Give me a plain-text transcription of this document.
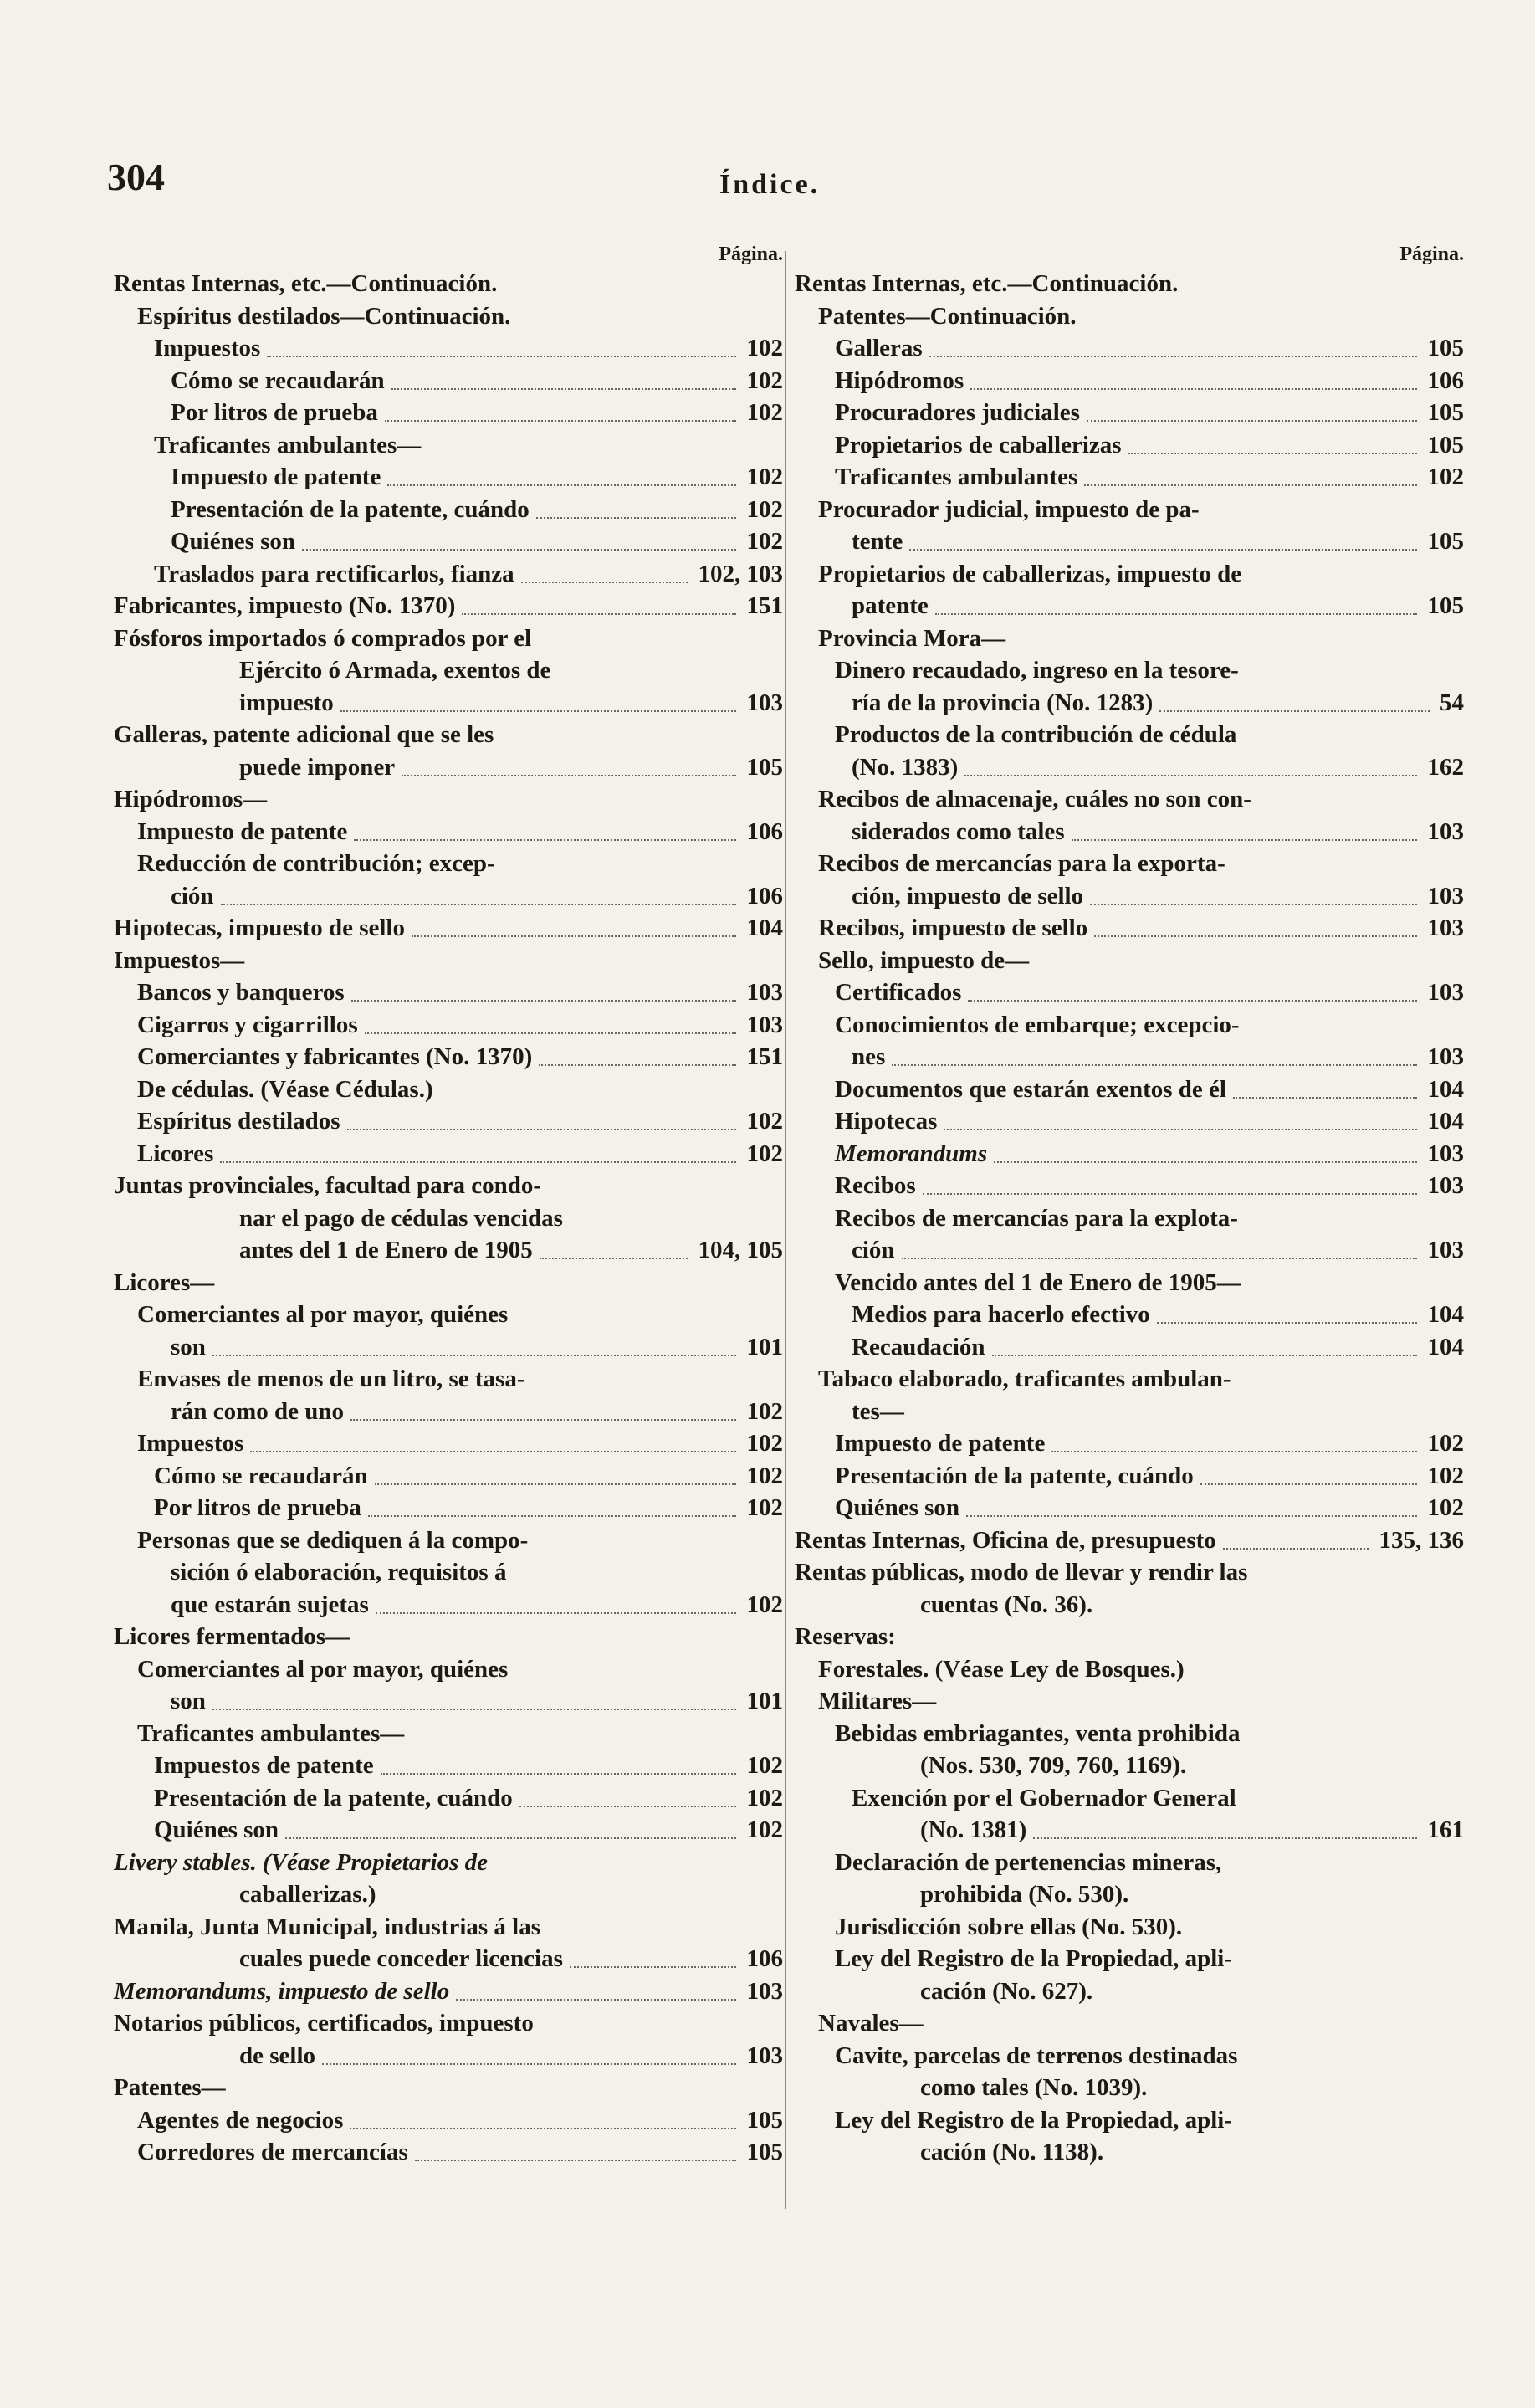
304	Índice.
Página.
Rentas Internas, etc.—Continuación.
Espíritus destilados—Continuación.
Impuestos	102
Cómo se recaudarán	102
Por litros de prueba	102
Traficantes ambulantes—
Impuesto de patente	102
Presentación de la patente, cuándo	102
Quiénes son	102
Traslados para rectificarlos, fianza	102, 103
Fabricantes, impuesto (No. 1370)	151
Fósforos importados ó comprados por el
Ejército ó Armada, exentos de
impuesto	103
Galleras, patente adicional que se les
puede imponer	105
Hipódromos—
Impuesto de patente	106
Reducción de contribución; excep-
ción	106
Hipotecas, impuesto de sello	104
Impuestos—
Bancos y banqueros	103
Cigarros y cigarrillos	103
Comerciantes y fabricantes (No. 1370)	151
De cédulas. (Véase Cédulas.)
Espíritus destilados	102
Licores	102
Juntas provinciales, facultad para condo-
nar el pago de cédulas vencidas
antes del 1 de Enero de 1905	104, 105
Licores—
Comerciantes al por mayor, quiénes
son	101
Envases de menos de un litro, se tasa-
rán como de uno	102
Impuestos	102
Cómo se recaudarán	102
Por litros de prueba	102
Personas que se dediquen á la compo-
sición ó elaboración, requisitos á
que estarán sujetas	102
Licores fermentados—
Comerciantes al por mayor, quiénes
son	101
Traficantes ambulantes—
Impuestos de patente	102
Presentación de la patente, cuándo	102
Quiénes son	102
Livery stables. (Véase Propietarios de
caballerizas.)
Manila, Junta Municipal, industrias á las
cuales puede conceder licencias	106
Memorandums, impuesto de sello	103
Notarios públicos, certificados, impuesto
de sello	103
Patentes—
Agentes de negocios	105
Corredores de mercancías	105
Página.
Rentas Internas, etc.—Continuación.
Patentes—Continuación.
Galleras	105
Hipódromos	106
Procuradores judiciales	105
Propietarios de caballerizas	105
Traficantes ambulantes	102
Procurador judicial, impuesto de pa-
tente	105
Propietarios de caballerizas, impuesto de
patente	105
Provincia Mora—
Dinero recaudado, ingreso en la tesore-
ría de la provincia (No. 1283)	54
Productos de la contribución de cédula
(No. 1383)	162
Recibos de almacenaje, cuáles no son con-
siderados como tales	103
Recibos de mercancías para la exporta-
ción, impuesto de sello	103
Recibos, impuesto de sello	103
Sello, impuesto de—
Certificados	103
Conocimientos de embarque; excepcio-
nes	103
Documentos que estarán exentos de él	104
Hipotecas	104
Memorandums	103
Recibos	103
Recibos de mercancías para la explota-
ción	103
Vencido antes del 1 de Enero de 1905—
Medios para hacerlo efectivo	104
Recaudación	104
Tabaco elaborado, traficantes ambulan-
tes—
Impuesto de patente	102
Presentación de la patente, cuándo	102
Quiénes son	102
Rentas Internas, Oficina de, presupuesto	135, 136
Rentas públicas, modo de llevar y rendir las
cuentas (No. 36).
Reservas:
Forestales. (Véase Ley de Bosques.)
Militares—
Bebidas embriagantes, venta prohibida
(Nos. 530, 709, 760, 1169).
Exención por el Gobernador General
(No. 1381)	161
Declaración de pertenencias mineras,
prohibida (No. 530).
Jurisdicción sobre ellas (No. 530).
Ley del Registro de la Propiedad, apli-
cación (No. 627).
Navales—
Cavite, parcelas de terrenos destinadas
como tales (No. 1039).
Ley del Registro de la Propiedad, apli-
cación (No. 1138).
